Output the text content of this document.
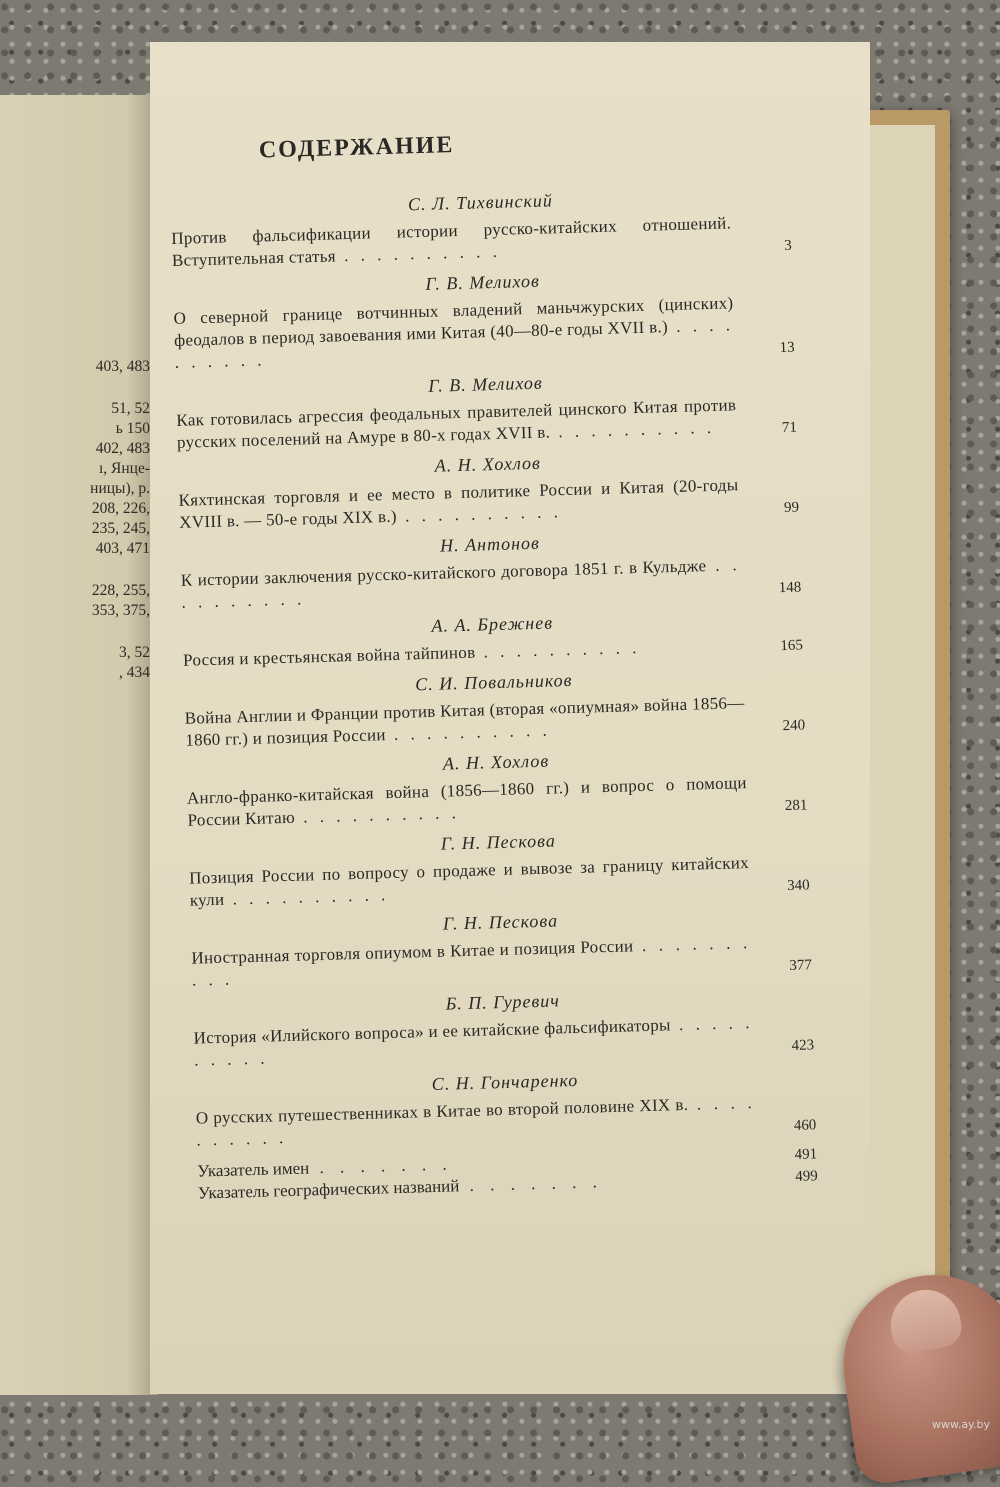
403, 483
51, 52
ь 150
402, 483
ı, Янце-
ницы), р.
208, 226,
235, 245,
403, 471
228, 255,
353, 375,
3, 52
, 434
СОДЕРЖАНИЕ
С. Л. Тихвинский
Против фальсификации истории русско-китайских отношений. Вступительная статья . . .
3
Г. В. Мелихов
О северной границе вотчинных владений маньчжурских (цинских) феодалов в период завоевания ими Китая (40—80-е годы XVII в.) . . .	13
Г. В. Мелихов
Как готовилась агрессия феодальных правителей цинского Китая против русских поселений на Амуре в 80-х годах XVII в. . . .	71
А. Н. Хохлов
Кяхтинская торговля и ее место в политике России и Китая (20-годы XVIII в. — 50-е годы XIX в.) . . .	99
Н. Антонов
К истории заключения русско-китайского договора 1851 г. в Кульдже . . .	148
А. А. Брежнев
Россия и крестьянская война тайпинов . . .	165
С. И. Повальников
Война Англии и Франции против Китая (вторая «опиумная» война 1856—1860 гг.) и позиция России . . .	240
А. Н. Хохлов
Англо-франко-китайская война (1856—1860 гг.) и вопрос о помощи России Китаю . . .
281
Г. Н. Пескова
Позиция России по вопросу о продаже и вывозе за границу китайских кули . . .
340
Г. Н. Пескова
Иностранная торговля опиумом в Китае и позиция России . . .	377
Б. П. Гуревич
История «Илийского вопроса» и ее китайские фальсификаторы . . .	423
С. Н. Гончаренко
О русских путешественниках в Китае во второй половине XIX в. . . .	460
Указатель имен . . . . . . .	491
Указатель географических названий . . . . . . .	499
www.ay.by
